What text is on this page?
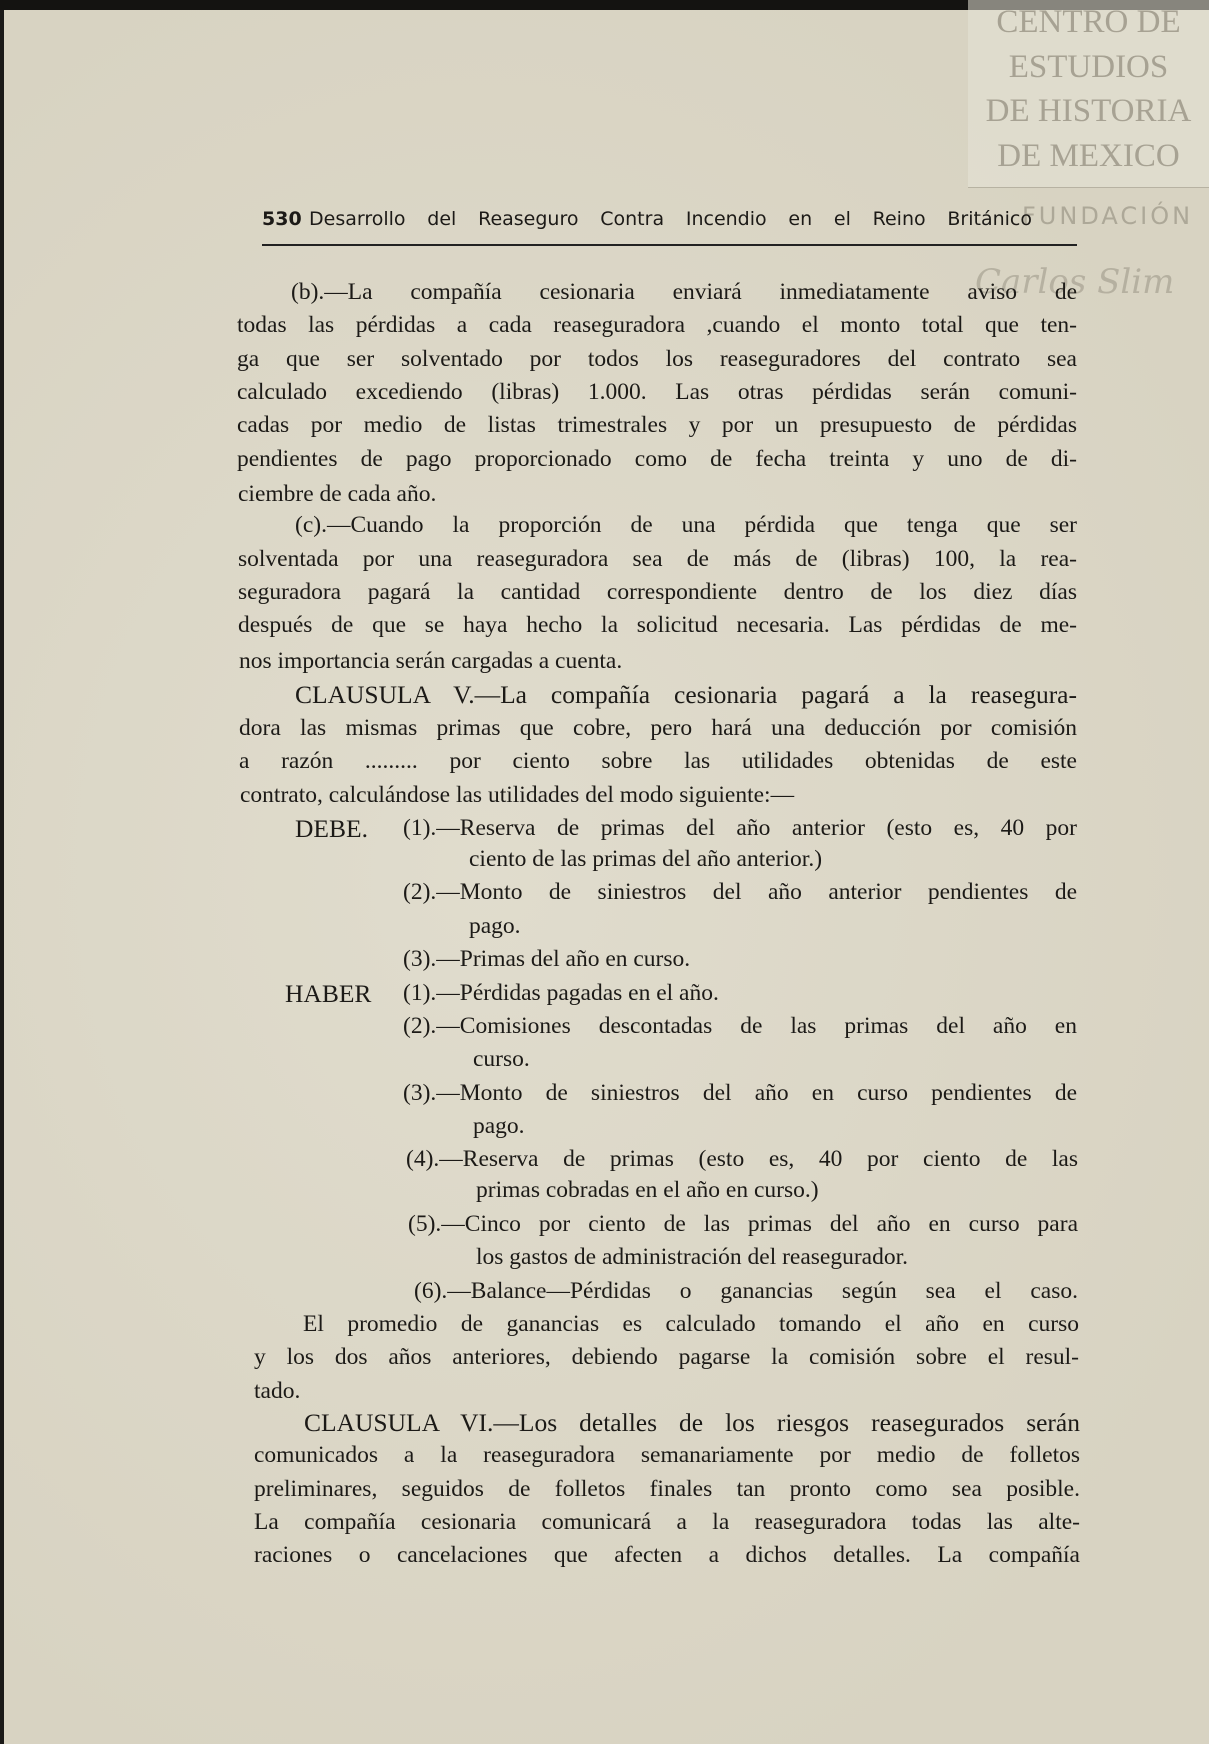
CENTRO DE
ESTUDIOS
DE HISTORIA
DE MEXICO
FUNDACIÓN
Carlos Slim
530 Desarrollo del Reaseguro Contra Incendio en el Reino Británico
(b).—La compañía cesionaria enviará inmediatamente aviso de
todas las pérdidas a cada reaseguradora ,cuando el monto total que ten-
ga que ser solventado por todos los reaseguradores del contrato sea
calculado excediendo (libras) 1.000. Las otras pérdidas serán comuni-
cadas por medio de listas trimestrales y por un presupuesto de pérdidas
pendientes de pago proporcionado como de fecha treinta y uno de di-
ciembre de cada año.
(c).—Cuando la proporción de una pérdida que tenga que ser
solventada por una reaseguradora sea de más de (libras) 100, la rea-
seguradora pagará la cantidad correspondiente dentro de los diez días
después de que se haya hecho la solicitud necesaria. Las pérdidas de me-
nos importancia serán cargadas a cuenta.
CLAUSULA V.—La compañía cesionaria pagará a la reasegura-
dora las mismas primas que cobre, pero hará una deducción por comisión
a razón ......... por ciento sobre las utilidades obtenidas de este
contrato, calculándose las utilidades del modo siguiente:—
DEBE. (1).—Reserva de primas del año anterior (esto es, 40 por
ciento de las primas del año anterior.)
(2).—Monto de siniestros del año anterior pendientes de
pago.
(3).—Primas del año en curso.
HABER (1).—Pérdidas pagadas en el año.
(2).—Comisiones descontadas de las primas del año en
curso.
(3).—Monto de siniestros del año en curso pendientes de
pago.
(4).—Reserva de primas (esto es, 40 por ciento de las
primas cobradas en el año en curso.)
(5).—Cinco por ciento de las primas del año en curso para
los gastos de administración del reasegurador.
(6).—Balance—Pérdidas o ganancias según sea el caso.
El promedio de ganancias es calculado tomando el año en curso
y los dos años anteriores, debiendo pagarse la comisión sobre el resul-
tado.
CLAUSULA VI.—Los detalles de los riesgos reasegurados serán
comunicados a la reaseguradora semanariamente por medio de folletos
preliminares, seguidos de folletos finales tan pronto como sea posible.
La compañía cesionaria comunicará a la reaseguradora todas las alte-
raciones o cancelaciones que afecten a dichos detalles. La compañía
